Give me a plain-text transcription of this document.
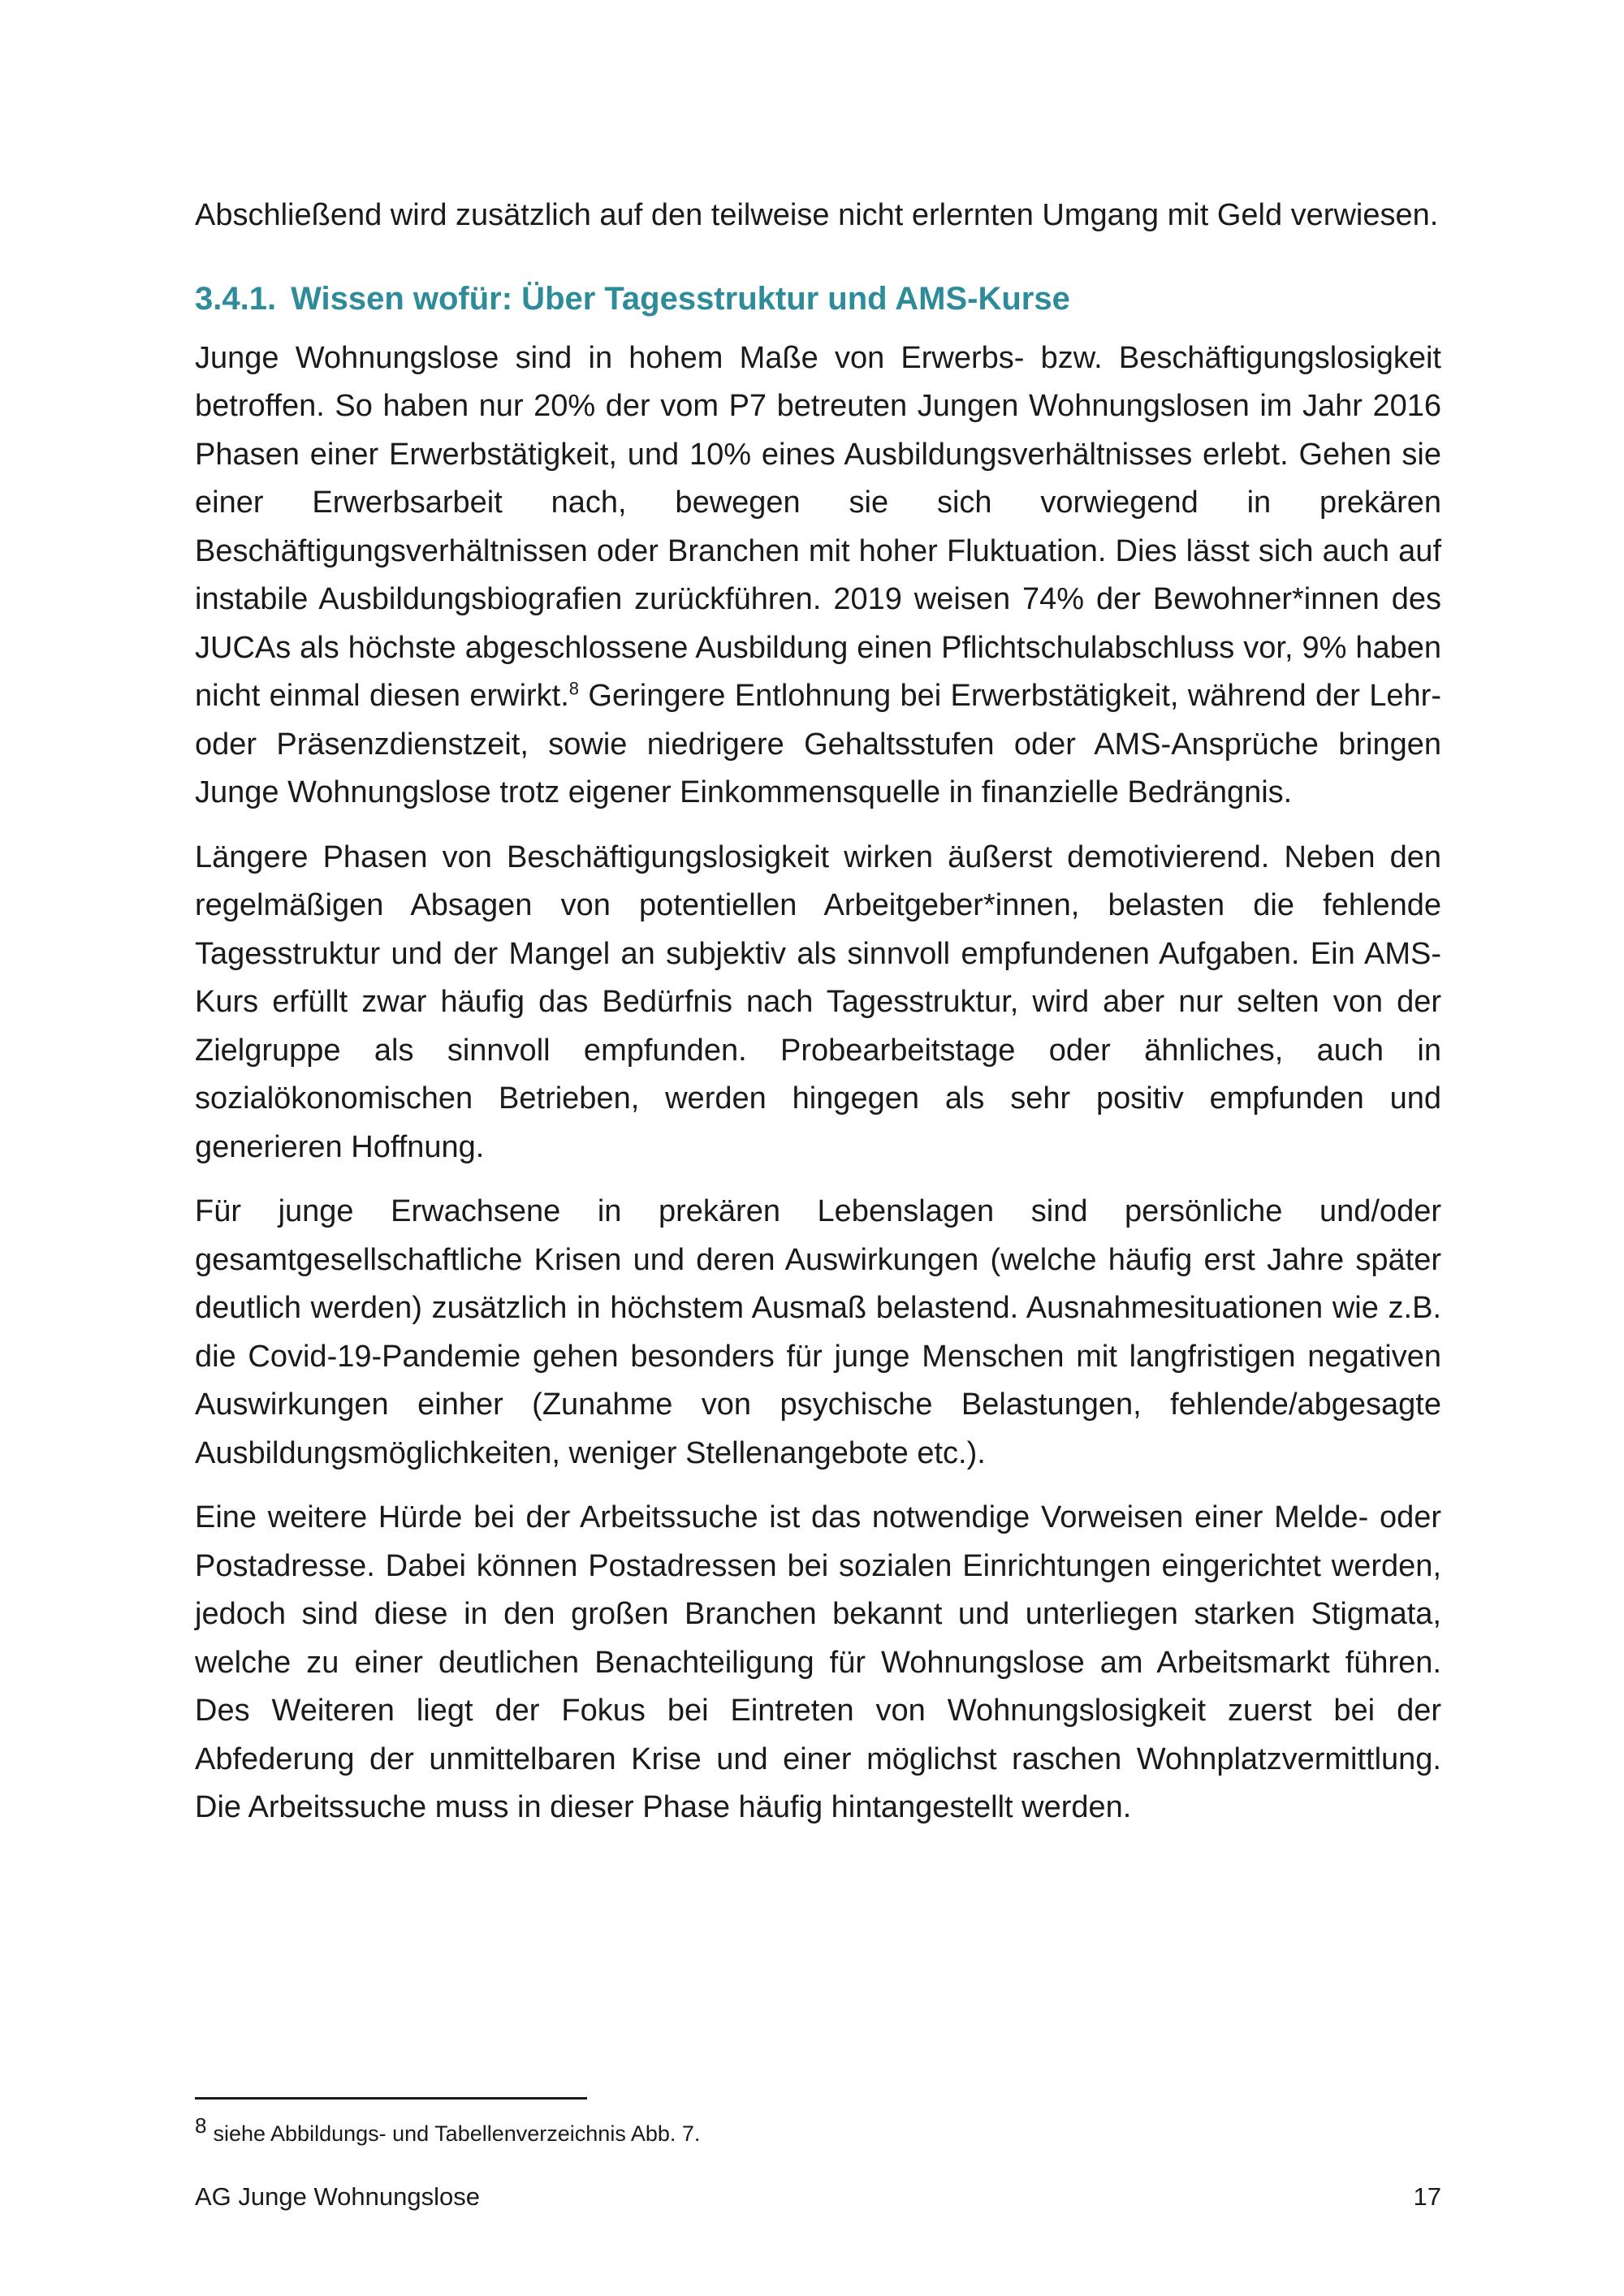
Abschließend wird zusätzlich auf den teilweise nicht erlernten Umgang mit Geld verwiesen.

3.4.1. Wissen wofür: Über Tagesstruktur und AMS-Kurse

Junge Wohnungslose sind in hohem Maße von Erwerbs- bzw. Beschäftigungslosigkeit betroffen. So haben nur 20% der vom P7 betreuten Jungen Wohnungslosen im Jahr 2016 Phasen einer Erwerbstätigkeit, und 10% eines Ausbildungsverhältnisses erlebt. Gehen sie einer Erwerbsarbeit nach, bewegen sie sich vorwiegend in prekären Beschäftigungsverhältnissen oder Branchen mit hoher Fluktuation. Dies lässt sich auch auf instabile Ausbildungsbiografien zurückführen. 2019 weisen 74% der Bewohner*innen des JUCAs als höchste abgeschlossene Ausbildung einen Pflichtschulabschluss vor, 9% haben nicht einmal diesen erwirkt.$^8$ Geringere Entlohnung bei Erwerbstätigkeit, während der Lehr- oder Präsenzdienstzeit, sowie niedrigere Gehaltsstufen oder AMS-Ansprüche bringen Junge Wohnungslose trotz eigener Einkommensquelle in finanzielle Bedrängnis.

Längere Phasen von Beschäftigungslosigkeit wirken äußerst demotivierend. Neben den regelmäßigen Absagen von potentiellen Arbeitgeber*innen, belasten die fehlende Tagesstruktur und der Mangel an subjektiv als sinnvoll empfundenen Aufgaben. Ein AMS-Kurs erfüllt zwar häufig das Bedürfnis nach Tagesstruktur, wird aber nur selten von der Zielgruppe als sinnvoll empfunden. Probearbeitstage oder ähnliches, auch in sozialökonomischen Betrieben, werden hingegen als sehr positiv empfunden und generieren Hoffnung.

Für junge Erwachsene in prekären Lebenslagen sind persönliche und/oder gesamtgesellschaftliche Krisen und deren Auswirkungen (welche häufig erst Jahre später deutlich werden) zusätzlich in höchstem Ausmaß belastend. Ausnahmesituationen wie z.B. die Covid-19-Pandemie gehen besonders für junge Menschen mit langfristigen negativen Auswirkungen einher (Zunahme von psychische Belastungen, fehlende/abgesagte Ausbildungsmöglichkeiten, weniger Stellenangebote etc.).

Eine weitere Hürde bei der Arbeitssuche ist das notwendige Vorweisen einer Melde- oder Postadresse. Dabei können Postadressen bei sozialen Einrichtungen eingerichtet werden, jedoch sind diese in den großen Branchen bekannt und unterliegen starken Stigmata, welche zu einer deutlichen Benachteiligung für Wohnungslose am Arbeitsmarkt führen. Des Weiteren liegt der Fokus bei Eintreten von Wohnungslosigkeit zuerst bei der Abfederung der unmittelbaren Krise und einer möglichst raschen Wohnplatzvermittlung. Die Arbeitssuche muss in dieser Phase häufig hintangestellt werden.

$^8$ siehe Abbildungs- und Tabellenverzeichnis Abb. 7.
AG Junge Wohnungslose	17
